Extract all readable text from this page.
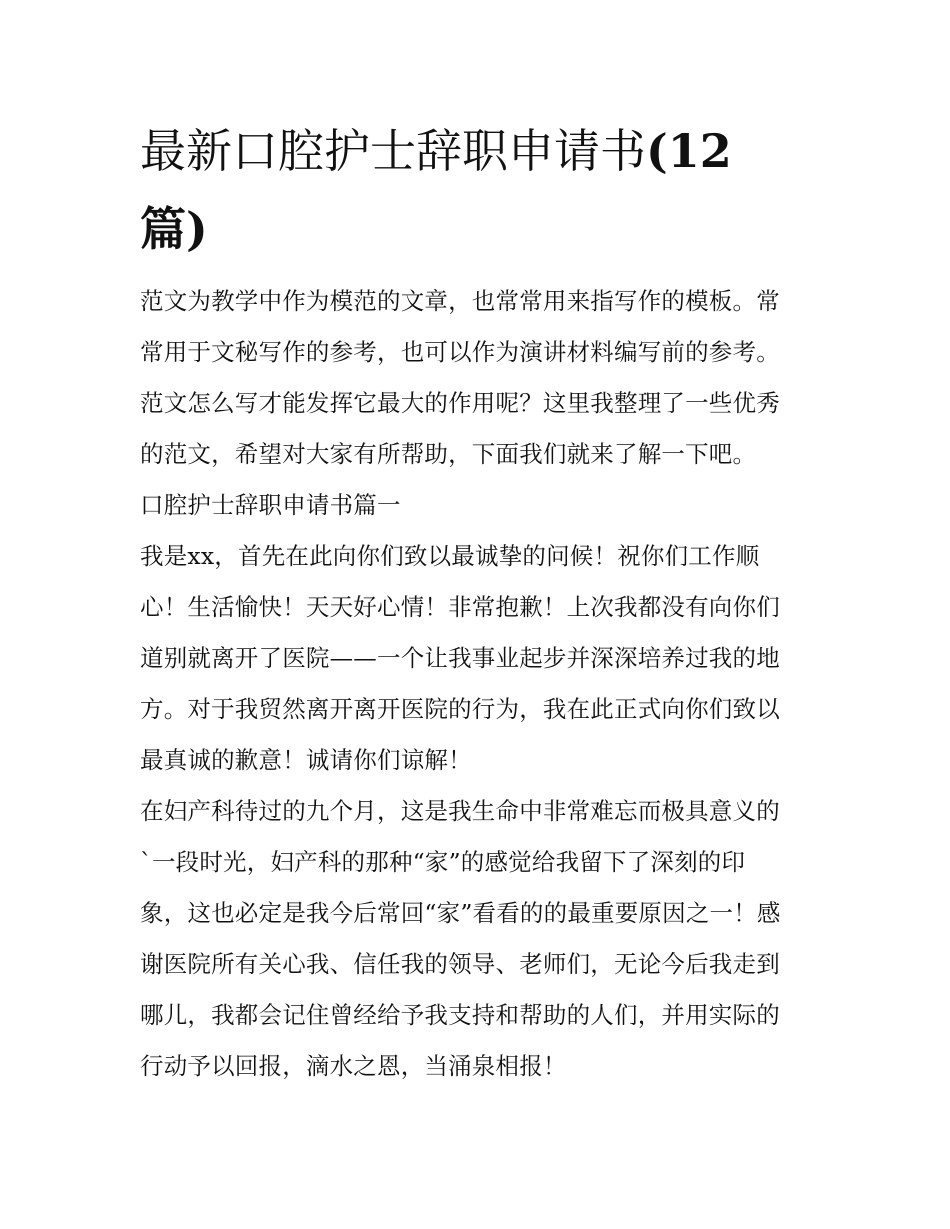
最新口腔护士辞职申请书(12
篇)
范文为教学中作为模范的文章，也常常用来指写作的模板。常
常用于文秘写作的参考，也可以作为演讲材料编写前的参考。
范文怎么写才能发挥它最大的作用呢？这里我整理了一些优秀
的范文，希望对大家有所帮助，下面我们就来了解一下吧。
口腔护士辞职申请书篇一
我是xx，首先在此向你们致以最诚挚的问候！祝你们工作顺
心！生活愉快！天天好心情！非常抱歉！上次我都没有向你们
道别就离开了医院——一个让我事业起步并深深培养过我的地
方。对于我贸然离开离开医院的行为，我在此正式向你们致以
最真诚的歉意！诚请你们谅解！
在妇产科待过的九个月，这是我生命中非常难忘而极具意义的
`一段时光，妇产科的那种“家”的感觉给我留下了深刻的印
象，这也必定是我今后常回“家”看看的的最重要原因之一！感
谢医院所有关心我、信任我的领导、老师们，无论今后我走到
哪儿，我都会记住曾经给予我支持和帮助的人们，并用实际的
行动予以回报，滴水之恩，当涌泉相报！
